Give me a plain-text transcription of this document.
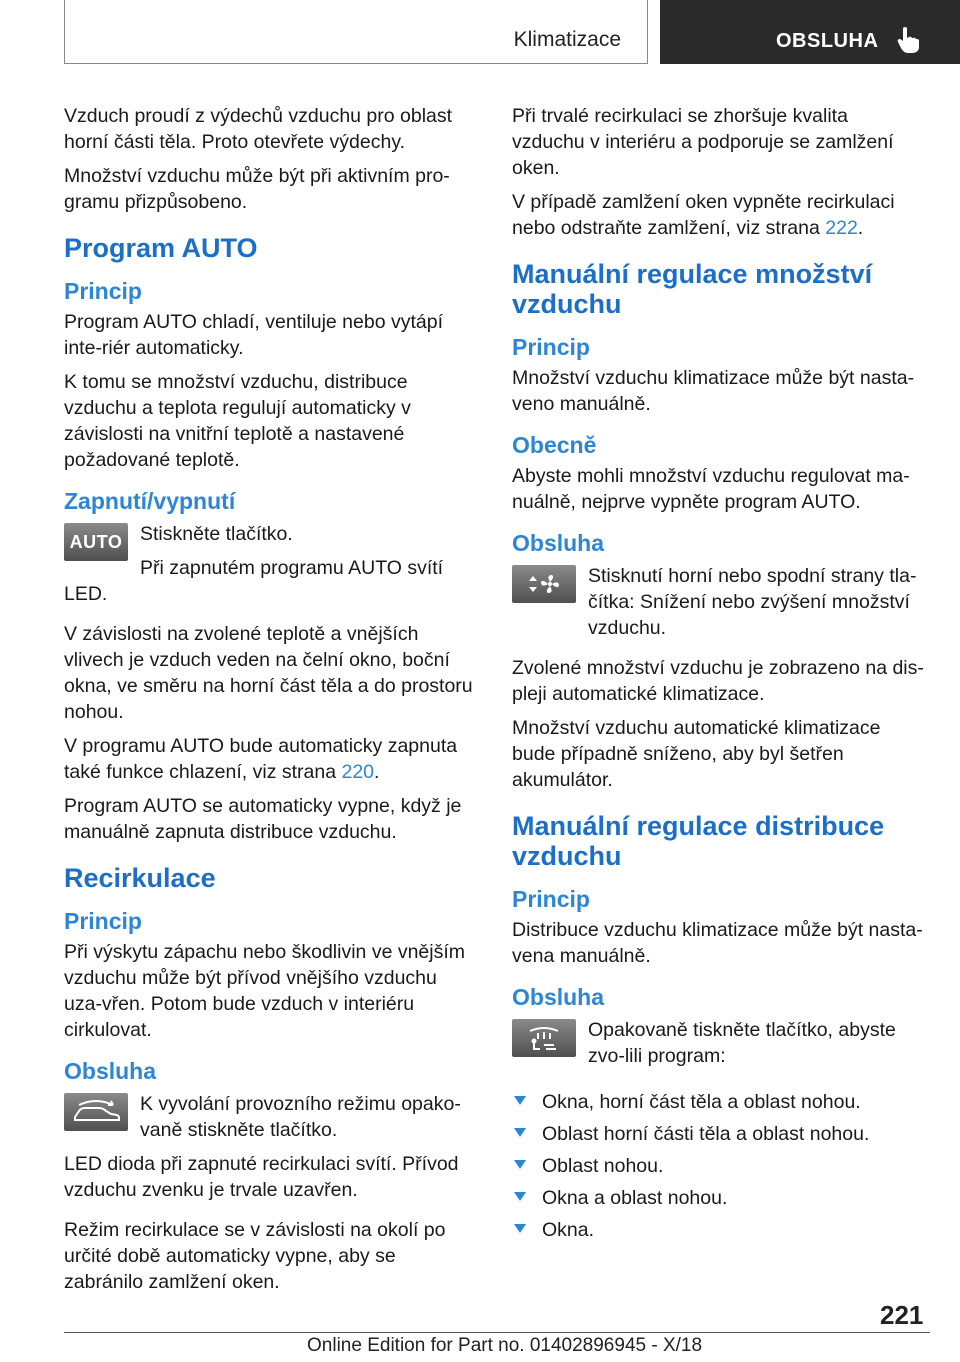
Klimatizace	OBSLUHA

Vzduch proudí z výdechů vzduchu pro oblast horní části těla. Proto otevřete výdechy.

Množství vzduchu může být při aktivním pro‐gramu přizpůsobeno.

Program AUTO
Princip

Program AUTO chladí, ventiluje nebo vytápí inte‐riér automaticky.

K tomu se množství vzduchu, distribuce vzduchu a teplota regulují automaticky v závislosti na vnitřní teplotě a nastavené požadované teplotě.

Zapnutí/vypnutí
AUTO Stiskněte tlačítko.

Při zapnutém programu AUTO svítí

LED.

V závislosti na zvolené teplotě a vnějších vlivech je vzduch veden na čelní okno, boční okna, ve směru na horní část těla a do prostoru nohou.

V programu AUTO bude automaticky zapnuta také funkce chlazení, viz strana 220.

Program AUTO se automaticky vypne, když je manuálně zapnuta distribuce vzduchu.

Recirkulace
Princip

Při výskytu zápachu nebo škodlivin ve vnějším vzduchu může být přívod vnějšího vzduchu uza‐vřen. Potom bude vzduch v interiéru cirkulovat.

Obsluha

K vyvolání provozního režimu opako‐vaně stiskněte tlačítko.

LED dioda při zapnuté recirkulaci svítí. Přívod vzduchu zvenku je trvale uzavřen.

Režim recirkulace se v závislosti na okolí po určité době automaticky vypne, aby se zabránilo zamlžení oken.

Při trvalé recirkulaci se zhoršuje kvalita vzduchu v interiéru a podporuje se zamlžení oken.

V případě zamlžení oken vypněte recirkulaci nebo odstraňte zamlžení, viz strana 222.

Manuální regulace množství vzduchu
Princip

Množství vzduchu klimatizace může být nasta‐veno manuálně.

Obecně

Abyste mohli množství vzduchu regulovat ma‐nuálně, nejprve vypněte program AUTO.

Obsluha

Stisknutí horní nebo spodní strany tla‐čítka: Snížení nebo zvýšení množství vzduchu.

Zvolené množství vzduchu je zobrazeno na dis‐pleji automatické klimatizace.

Množství vzduchu automatické klimatizace bude případně sníženo, aby byl šetřen akumulátor.

Manuální regulace distribuce vzduchu
Princip

Distribuce vzduchu klimatizace může být nasta‐vena manuálně.

Obsluha

Opakovaně tiskněte tlačítko, abyste zvo‐lili program:

Okna, horní část těla a oblast nohou.
Oblast horní části těla a oblast nohou.
Oblast nohou.
Okna a oblast nohou.
Okna.
221
Online Edition for Part no. 01402896945 - X/18
